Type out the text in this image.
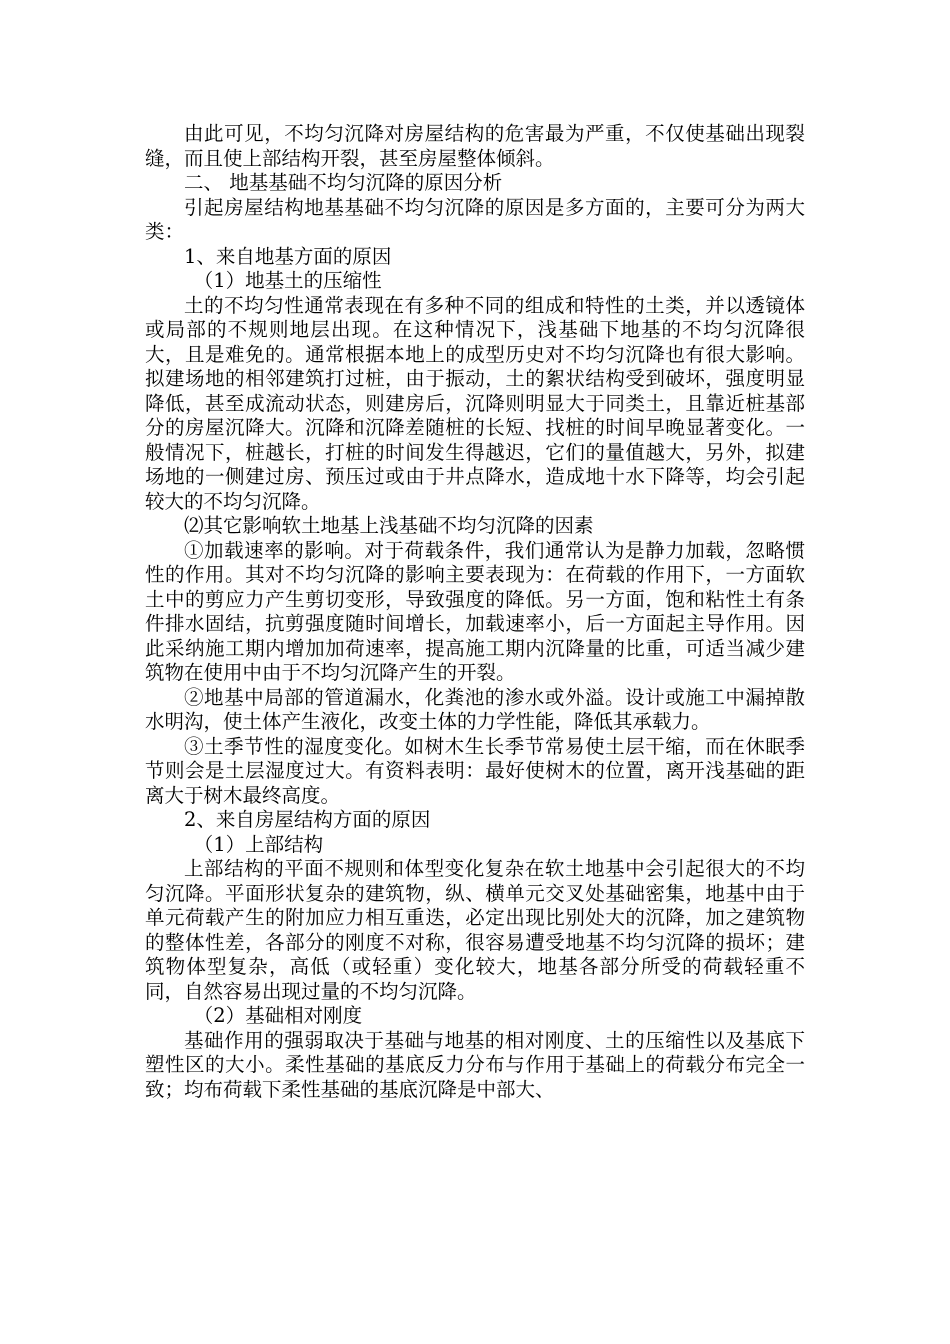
由此可见，不均匀沉降对房屋结构的危害最为严重，不仅使基础出现裂缝，而且使上部结构开裂，甚至房屋整体倾斜。

二、 地基基础不均匀沉降的原因分析

引起房屋结构地基基础不均匀沉降的原因是多方面的，主要可分为两大类：

1、来自地基方面的原因

（1）地基土的压缩性

土的不均匀性通常表现在有多种不同的组成和特性的土类，并以透镜体或局部的不规则地层出现。在这种情况下，浅基础下地基的不均匀沉降很大，且是难免的。通常根据本地上的成型历史对不均匀沉降也有很大影响。拟建场地的相邻建筑打过桩，由于振动，土的絮状结构受到破坏，强度明显降低，甚至成流动状态，则建房后，沉降则明显大于同类土，且靠近桩基部分的房屋沉降大。沉降和沉降差随桩的长短、找桩的时间早晚显著变化。一般情况下，桩越长，打桩的时间发生得越迟，它们的量值越大，另外，拟建场地的一侧建过房、预压过或由于井点降水，造成地十水下降等，均会引起较大的不均匀沉降。

⑵其它影响软土地基上浅基础不均匀沉降的因素

①加载速率的影响。对于荷载条件，我们通常认为是静力加载，忽略惯性的作用。其对不均匀沉降的影响主要表现为：在荷载的作用下，一方面软土中的剪应力产生剪切变形，导致强度的降低。另一方面，饱和粘性土有条件排水固结，抗剪强度随时间增长，加载速率小，后一方面起主导作用。因此采纳施工期内增加加荷速率，提高施工期内沉降量的比重，可适当减少建筑物在使用中由于不均匀沉降产生的开裂。

②地基中局部的管道漏水，化粪池的渗水或外溢。设计或施工中漏掉散水明沟，使土体产生液化，改变土体的力学性能，降低其承载力。

③土季节性的湿度变化。如树木生长季节常易使土层干缩，而在休眠季节则会是土层湿度过大。有资料表明：最好使树木的位置，离开浅基础的距离大于树木最终高度。

2、来自房屋结构方面的原因

（1）上部结构

上部结构的平面不规则和体型变化复杂在软土地基中会引起很大的不均匀沉降。平面形状复杂的建筑物，纵、横单元交叉处基础密集，地基中由于单元荷载产生的附加应力相互重迭，必定出现比别处大的沉降，加之建筑物的整体性差，各部分的刚度不对称，很容易遭受地基不均匀沉降的损坏；建筑物体型复杂，高低（或轻重）变化较大，地基各部分所受的荷载轻重不同，自然容易出现过量的不均匀沉降。

（2）基础相对刚度

基础作用的强弱取决于基础与地基的相对刚度、土的压缩性以及基底下塑性区的大小。柔性基础的基底反力分布与作用于基础上的荷载分布完全一致；均布荷载下柔性基础的基底沉降是中部大、
